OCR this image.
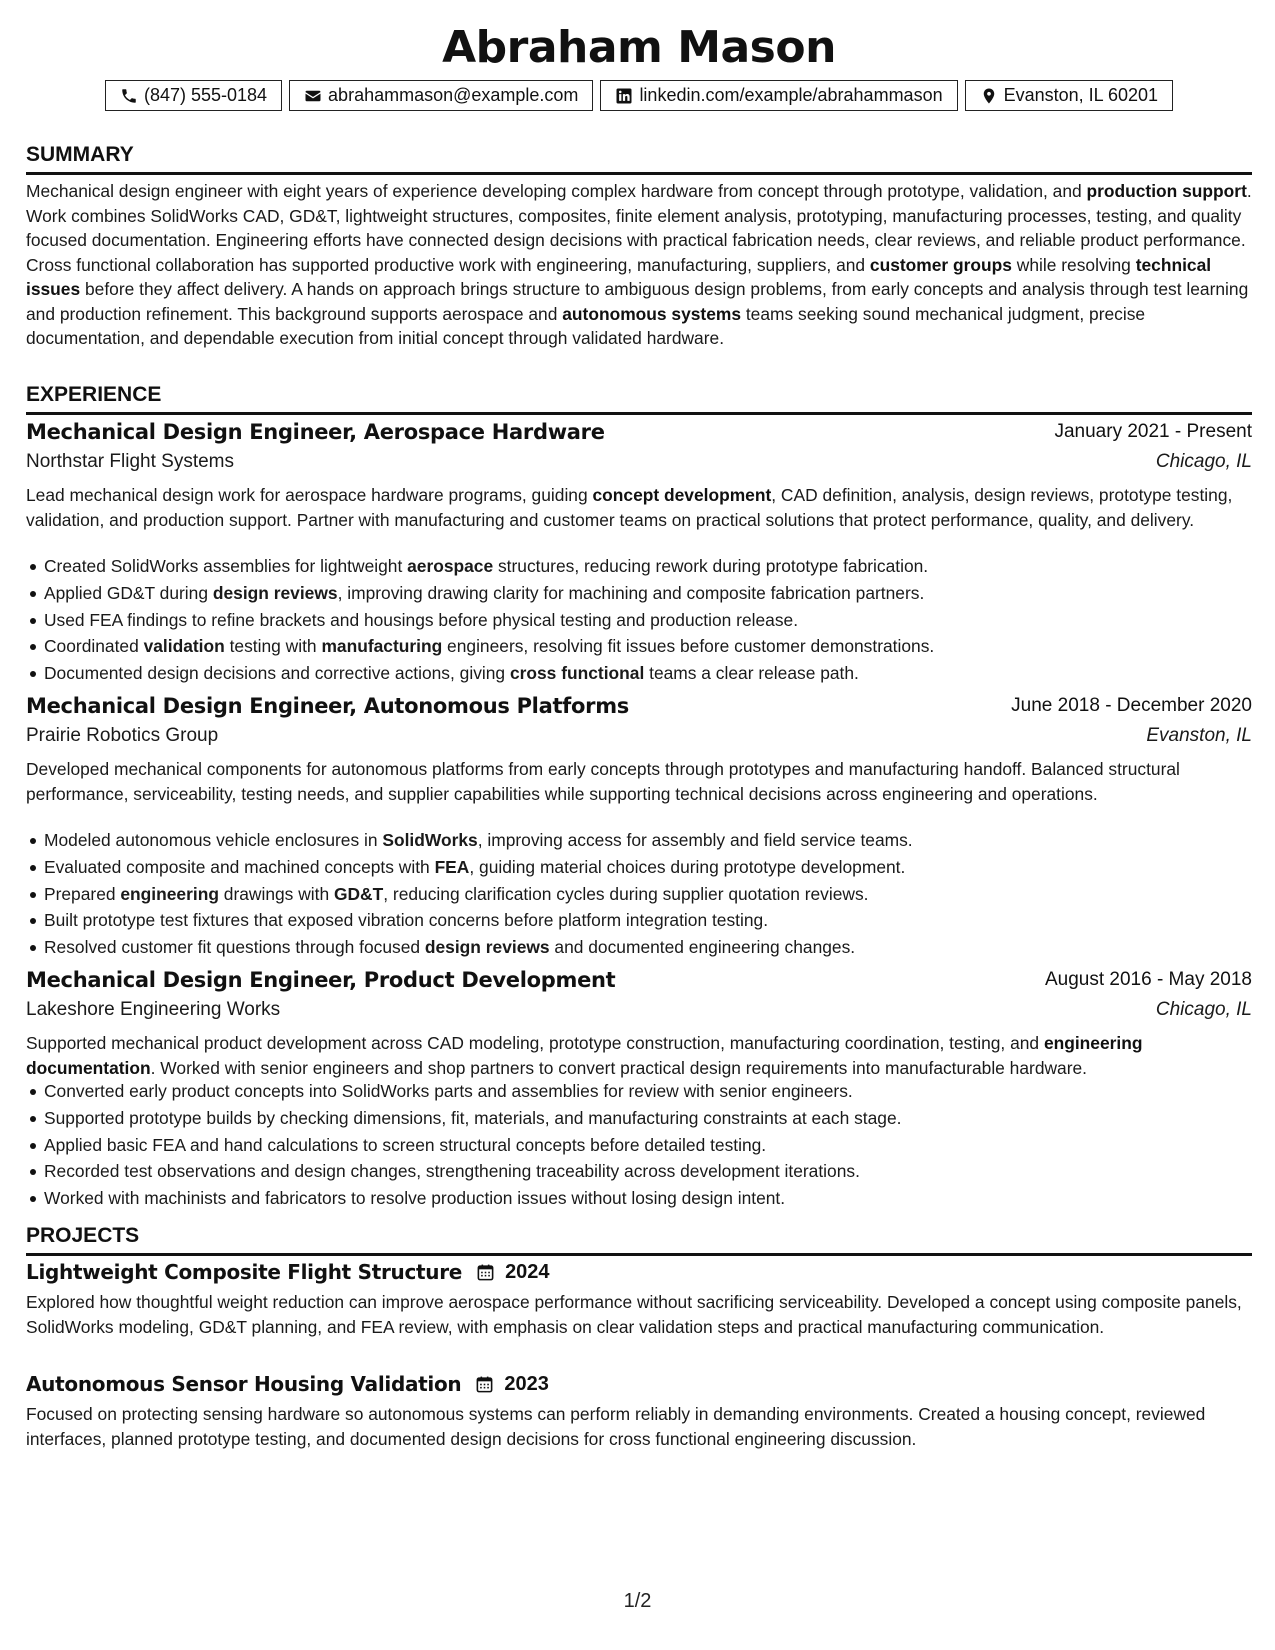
Abraham Mason
(847) 555-0184	abrahammason@example.com	linkedin.com/example/abrahammason	Evanston, IL 60201
SUMMARY
Mechanical design engineer with eight years of experience developing complex hardware from concept through prototype, validation, and production support. Work combines SolidWorks CAD, GD&T, lightweight structures, composites, finite element analysis, prototyping, manufacturing processes, testing, and quality focused documentation. Engineering efforts have connected design decisions with practical fabrication needs, clear reviews, and reliable product performance. Cross functional collaboration has supported productive work with engineering, manufacturing, suppliers, and customer groups while resolving technical issues before they affect delivery. A hands on approach brings structure to ambiguous design problems, from early concepts and analysis through test learning and production refinement. This background supports aerospace and autonomous systems teams seeking sound mechanical judgment, precise documentation, and dependable execution from initial concept through validated hardware.
EXPERIENCE
Mechanical Design Engineer, Aerospace Hardware	January 2021 - Present
Northstar Flight Systems	Chicago, IL
Lead mechanical design work for aerospace hardware programs, guiding concept development, CAD definition, analysis, design reviews, prototype testing, validation, and production support. Partner with manufacturing and customer teams on practical solutions that protect performance, quality, and delivery.
Created SolidWorks assemblies for lightweight aerospace structures, reducing rework during prototype fabrication.
Applied GD&T during design reviews, improving drawing clarity for machining and composite fabrication partners.
Used FEA findings to refine brackets and housings before physical testing and production release.
Coordinated validation testing with manufacturing engineers, resolving fit issues before customer demonstrations.
Documented design decisions and corrective actions, giving cross functional teams a clear release path.
Mechanical Design Engineer, Autonomous Platforms	June 2018 - December 2020
Prairie Robotics Group	Evanston, IL
Developed mechanical components for autonomous platforms from early concepts through prototypes and manufacturing handoff. Balanced structural performance, serviceability, testing needs, and supplier capabilities while supporting technical decisions across engineering and operations.
Modeled autonomous vehicle enclosures in SolidWorks, improving access for assembly and field service teams.
Evaluated composite and machined concepts with FEA, guiding material choices during prototype development.
Prepared engineering drawings with GD&T, reducing clarification cycles during supplier quotation reviews.
Built prototype test fixtures that exposed vibration concerns before platform integration testing.
Resolved customer fit questions through focused design reviews and documented engineering changes.
Mechanical Design Engineer, Product Development	August 2016 - May 2018
Lakeshore Engineering Works	Chicago, IL
Supported mechanical product development across CAD modeling, prototype construction, manufacturing coordination, testing, and engineering documentation. Worked with senior engineers and shop partners to convert practical design requirements into manufacturable hardware.
Converted early product concepts into SolidWorks parts and assemblies for review with senior engineers.
Supported prototype builds by checking dimensions, fit, materials, and manufacturing constraints at each stage.
Applied basic FEA and hand calculations to screen structural concepts before detailed testing.
Recorded test observations and design changes, strengthening traceability across development iterations.
Worked with machinists and fabricators to resolve production issues without losing design intent.
PROJECTS
Lightweight Composite Flight Structure 2024
Explored how thoughtful weight reduction can improve aerospace performance without sacrificing serviceability. Developed a concept using composite panels, SolidWorks modeling, GD&T planning, and FEA review, with emphasis on clear validation steps and practical manufacturing communication.
Autonomous Sensor Housing Validation 2023
Focused on protecting sensing hardware so autonomous systems can perform reliably in demanding environments. Created a housing concept, reviewed interfaces, planned prototype testing, and documented design decisions for cross functional engineering discussion.
1/2
